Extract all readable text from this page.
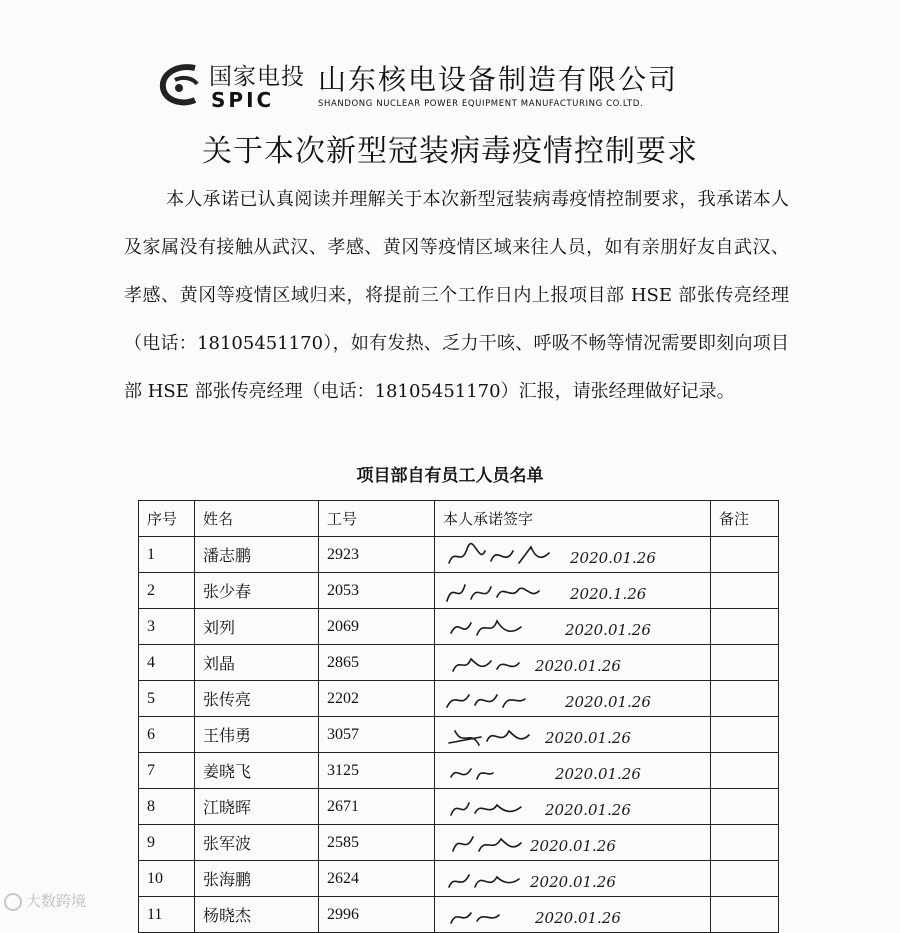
国家电投
SPIC
山东核电设备制造有限公司
SHANDONG NUCLEAR POWER EQUIPMENT MANUFACTURING CO.LTD.
关于本次新型冠装病毒疫情控制要求

本人承诺已认真阅读并理解关于本次新型冠装病毒疫情控制要求，我承诺本人及家属没有接触从武汉、孝感、黄冈等疫情区域来往人员，如有亲朋好友自武汉、孝感、黄冈等疫情区域归来，将提前三个工作日内上报项目部 HSE 部张传亮经理（电话：18105451170），如有发热、乏力干咳、呼吸不畅等情况需要即刻向项目部 HSE 部张传亮经理（电话：18105451170）汇报，请张经理做好记录。

项目部自有员工人员名单
序号	姓名	工号	本人承诺签字	备注
1	潘志鹏	2923	2020.01.26	

2	张少春	2053	2020.1.26	

3	刘列	2069	2020.01.26	

4	刘晶	2865	2020.01.26	

5	张传亮	2202	2020.01.26	

6	王伟勇	3057	2020.01.26	

7	姜晓飞	3125	2020.01.26	

8	江晓晖	2671	2020.01.26	

9	张军波	2585	2020.01.26	

10	张海鹏	2624	2020.01.26	

11	杨晓杰	2996	2020.01.26	

大数跨境
